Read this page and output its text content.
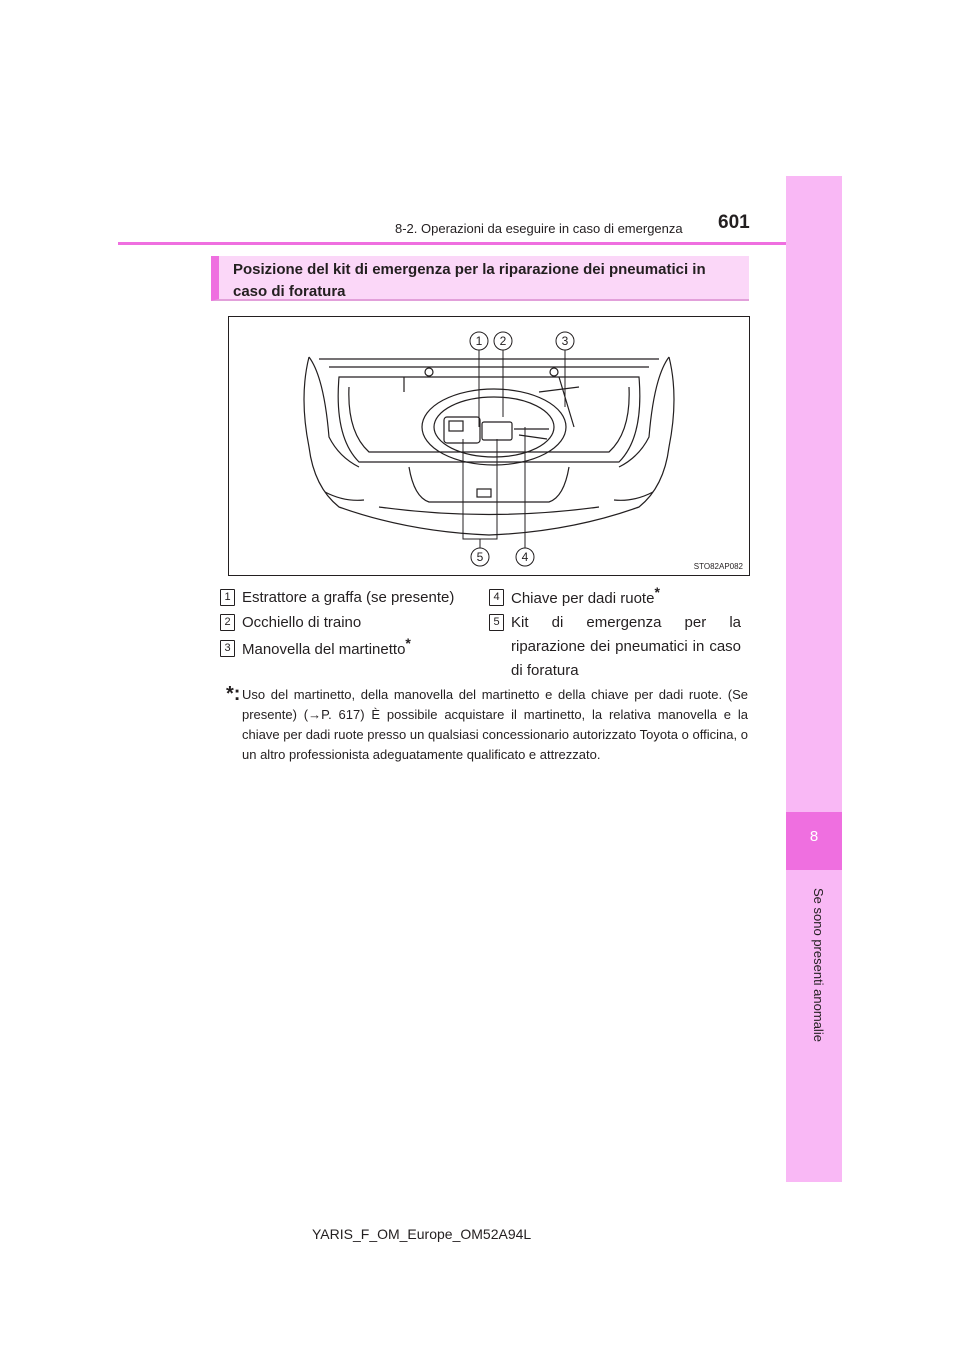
8
Se sono presenti anomalie
8-2. Operazioni da eseguire in caso di emergenza 601
Posizione del kit di emergenza per la riparazione dei pneumatici in caso di foratura
1 2	3
5	4
STO82AP082
1 Estrattore a graffa (se presente)
2 Occhiello di traino
3 Manovella del martinetto*
4 Chiave per dadi ruote*
5 Kit di emergenza per la riparazione dei pneumatici in caso di foratura
*: Uso del martinetto, della manovella del martinetto e della chiave per dadi ruote. (Se presente) (→P. 617) È possibile acquistare il martinetto, la relativa manovella e la chiave per dadi ruote presso un qualsiasi concessionario autorizzato Toyota o officina, o un altro professionista adeguatamente qualificato e attrezzato.
YARIS_F_OM_Europe_OM52A94L
